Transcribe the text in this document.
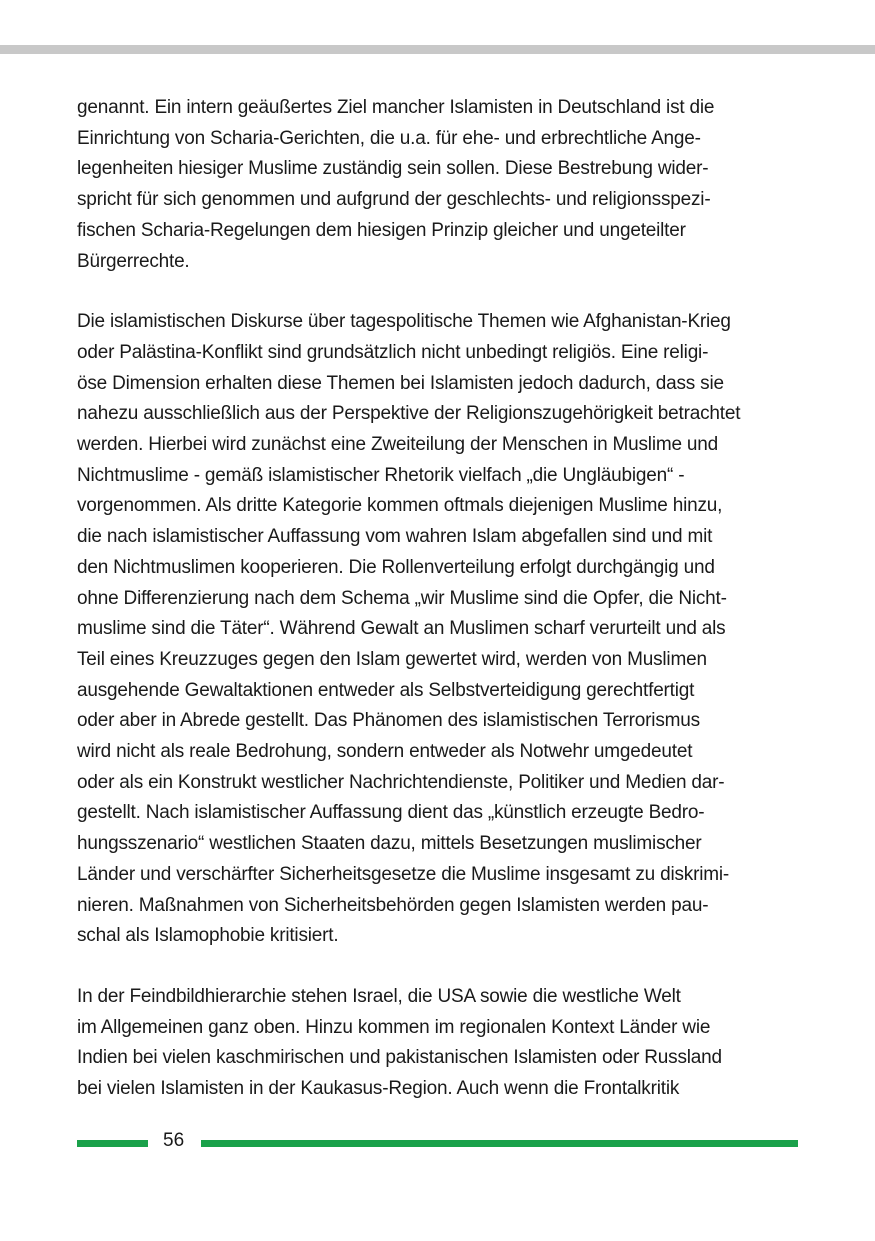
genannt. Ein intern geäußertes Ziel mancher Islamisten in Deutschland ist die
Einrichtung von Scharia-Gerichten, die u.a. für ehe- und erbrechtliche Ange-
legenheiten hiesiger Muslime zuständig sein sollen. Diese Bestrebung wider-
spricht für sich genommen und aufgrund der geschlechts- und religionsspezi-
fischen Scharia-Regelungen dem hiesigen Prinzip gleicher und ungeteilter
Bürgerrechte.

Die islamistischen Diskurse über tagespolitische Themen wie Afghanistan-Krieg
oder Palästina-Konflikt sind grundsätzlich nicht unbedingt religiös. Eine religi-
öse Dimension erhalten diese Themen bei Islamisten jedoch dadurch, dass sie
nahezu ausschließlich aus der Perspektive der Religionszugehörigkeit betrachtet
werden. Hierbei wird zunächst eine Zweiteilung der Menschen in Muslime und
Nichtmuslime - gemäß islamistischer Rhetorik vielfach „die Ungläubigen“ -
vorgenommen. Als dritte Kategorie kommen oftmals diejenigen Muslime hinzu,
die nach islamistischer Auffassung vom wahren Islam abgefallen sind und mit
den Nichtmuslimen kooperieren. Die Rollenverteilung erfolgt durchgängig und
ohne Differenzierung nach dem Schema „wir Muslime sind die Opfer, die Nicht-
muslime sind die Täter“. Während Gewalt an Muslimen scharf verurteilt und als
Teil eines Kreuzzuges gegen den Islam gewertet wird, werden von Muslimen
ausgehende Gewaltaktionen entweder als Selbstverteidigung gerechtfertigt
oder aber in Abrede gestellt. Das Phänomen des islamistischen Terrorismus
wird nicht als reale Bedrohung, sondern entweder als Notwehr umgedeutet
oder als ein Konstrukt westlicher Nachrichtendienste, Politiker und Medien dar-
gestellt. Nach islamistischer Auffassung dient das „künstlich erzeugte Bedro-
hungsszenario“ westlichen Staaten dazu, mittels Besetzungen muslimischer
Länder und verschärfter Sicherheitsgesetze die Muslime insgesamt zu diskrimi-
nieren. Maßnahmen von Sicherheitsbehörden gegen Islamisten werden pau-
schal als Islamophobie kritisiert.

In der Feindbildhierarchie stehen Israel, die USA sowie die westliche Welt
im Allgemeinen ganz oben. Hinzu kommen im regionalen Kontext Länder wie
Indien bei vielen kaschmirischen und pakistanischen Islamisten oder Russland
bei vielen Islamisten in der Kaukasus-Region. Auch wenn die Frontalkritik

56
